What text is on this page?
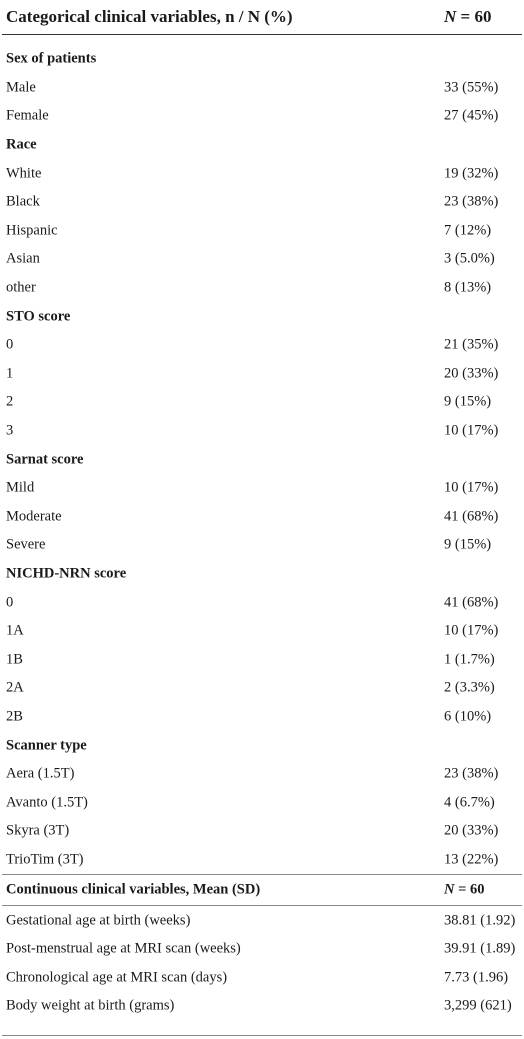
Categorical clinical variables, n / N (%)	N = 60
Sex of patients
Male	33 (55%)
Female	27 (45%)
Race
White	19 (32%)
Black	23 (38%)
Hispanic	7 (12%)
Asian	3 (5.0%)
other	8 (13%)
STO score
0	21 (35%)
1	20 (33%)
2	9 (15%)
3	10 (17%)
Sarnat score
Mild	10 (17%)
Moderate	41 (68%)
Severe	9 (15%)
NICHD-NRN score
0	41 (68%)
1A	10 (17%)
1B	1 (1.7%)
2A	2 (3.3%)
2B	6 (10%)
Scanner type
Aera (1.5T)	23 (38%)
Avanto (1.5T)	4 (6.7%)
Skyra (3T)	20 (33%)
TrioTim (3T)	13 (22%)
Continuous clinical variables, Mean (SD)	N = 60
Gestational age at birth (weeks)	38.81 (1.92)
Post-menstrual age at MRI scan (weeks)	39.91 (1.89)
Chronological age at MRI scan (days)	7.73 (1.96)
Body weight at birth (grams)	3,299 (621)
